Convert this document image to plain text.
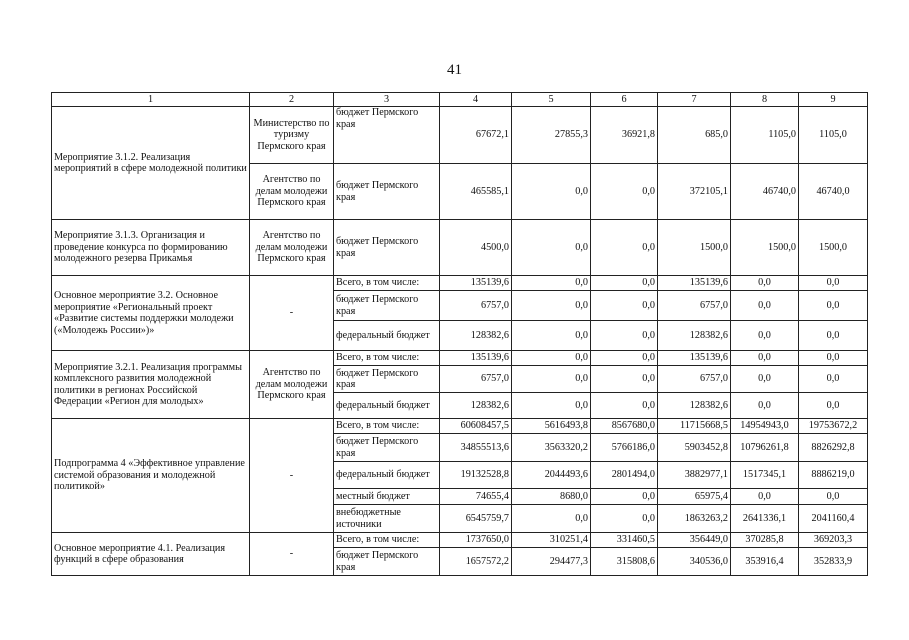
41
1	2	3	4	5	6	7	8	9
Мероприятие 3.1.2. Реализация мероприятий в сфере молодежной политики	Министерство по туризму Пермского края	бюджет Пермского края	67672,1	27855,3	36921,8	685,0	1105,0	1105,0
	Агентство по делам молодежи Пермского края	бюджет Пермского края	465585,1	0,0	0,0	372105,1	46740,0	46740,0
Мероприятие 3.1.3. Организация и проведение конкурса по формированию молодежного резерва Прикамья	Агентство по делам молодежи Пермского края	бюджет Пермского края	4500,0	0,0	0,0	1500,0	1500,0	1500,0
Основное мероприятие 3.2. Основное мероприятие «Региональный проект «Развитие системы поддержки молодежи («Молодежь России»)»	-	Всего, в том числе:	135139,6	0,0	0,0	135139,6	0,0	0,0
		бюджет Пермского края	6757,0	0,0	0,0	6757,0	0,0	0,0
		федеральный бюджет	128382,6	0,0	0,0	128382,6	0,0	0,0
Мероприятие 3.2.1. Реализация программы комплексного развития молодежной политики в регионах Российской Федерации «Регион для молодых»	Агентство по делам молодежи Пермского края	Всего, в том числе:	135139,6	0,0	0,0	135139,6	0,0	0,0
		бюджет Пермского края	6757,0	0,0	0,0	6757,0	0,0	0,0
		федеральный бюджет	128382,6	0,0	0,0	128382,6	0,0	0,0
Подпрограмма 4 «Эффективное управление системой образования и молодежной политикой»	-	Всего, в том числе:	60608457,5	5616493,8	8567680,0	11715668,5	14954943,0	19753672,2
		бюджет Пермского края	34855513,6	3563320,2	5766186,0	5903452,8	10796261,8	8826292,8
		федеральный бюджет	19132528,8	2044493,6	2801494,0	3882977,1	1517345,1	8886219,0
		местный бюджет	74655,4	8680,0	0,0	65975,4	0,0	0,0
		внебюджетные источники	6545759,7	0,0	0,0	1863263,2	2641336,1	2041160,4
Основное мероприятие 4.1. Реализация функций в сфере образования	-	Всего, в том числе:	1737650,0	310251,4	331460,5	356449,0	370285,8	369203,3
		бюджет Пермского края	1657572,2	294477,3	315808,6	340536,0	353916,4	352833,9
